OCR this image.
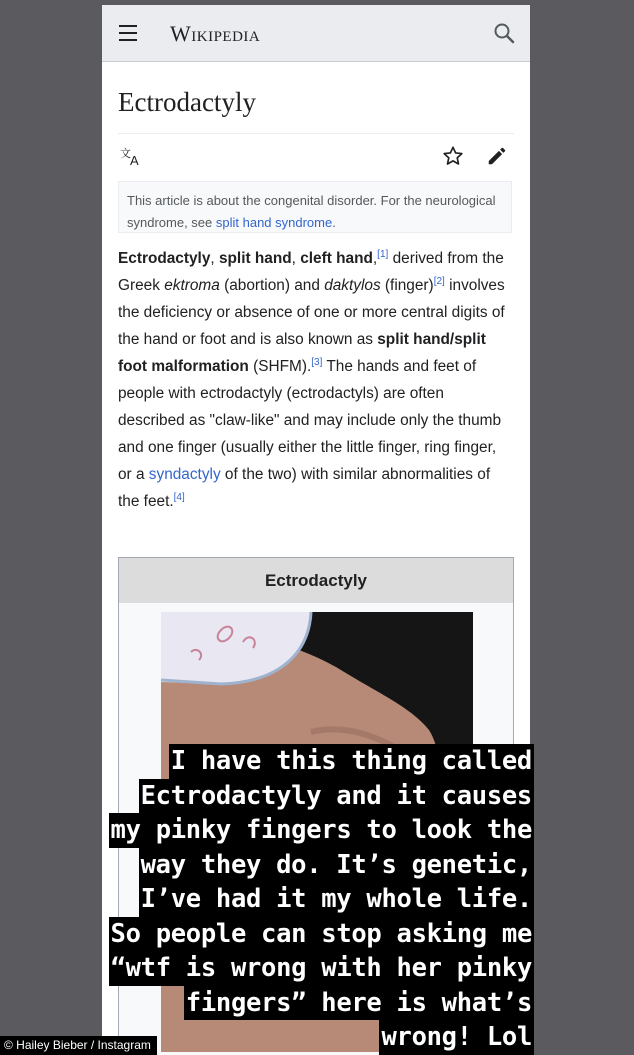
Wikipedia
Ectrodactyly
文 A
This article is about the congenital disorder. For the neurological syndrome, see split hand syndrome.
Ectrodactyly, split hand, cleft hand,[1] derived from the Greek ektroma (abortion) and daktylos (finger)[2] involves the deficiency or absence of one or more central digits of the hand or foot and is also known as split hand/split foot malformation (SHFM).[3] The hands and feet of people with ectrodactyly (ectrodactyls) are often described as "claw-like" and may include only the thumb and one finger (usually either the little finger, ring finger, or a syndactyly of the two) with similar abnormalities of the feet.[4]
Ectrodactyly
I have this thing called
Ectrodactyly and it causes
my pinky fingers to look the
way they do. It’s genetic,
I’ve had it my whole life.
So people can stop asking me
“wtf is wrong with her pinky
fingers” here is what’s
wrong! Lol
© Hailey Bieber / Instagram
